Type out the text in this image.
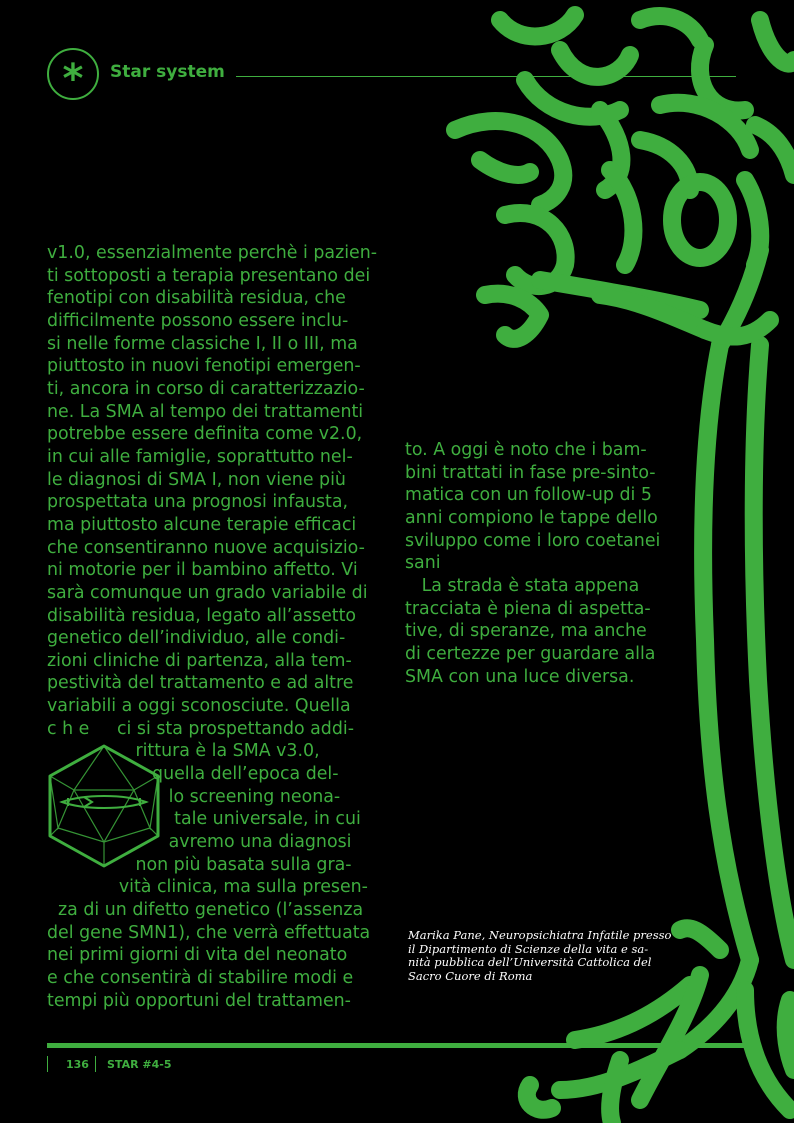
*	Star system

v1.0, essenzialmente perchè i pazien-

ti sottoposti a terapia presentano dei

fenotipi con disabilità residua, che

difficilmente possono essere inclu-

si nelle forme classiche I, II o III, ma

piuttosto in nuovi fenotipi emergen-

ti, ancora in corso di caratterizzazio-

ne. La SMA al tempo dei trattamenti

potrebbe essere definita come v2.0,

in cui alle famiglie, soprattutto nel-

le diagnosi di SMA I, non viene più

prospettata una prognosi infausta,

ma piuttosto alcune terapie efficaci

che consentiranno nuove acquisizio-

ni motorie per il bambino affetto. Vi

sarà comunque un grado variabile di

disabilità residua, legato all’assetto

genetico dell’individuo, alle condi-

zioni cliniche di partenza, alla tem-

pestività del trattamento e ad altre

variabili a oggi sconosciute. Quella

c h e     ci si sta prospettando addi-

rittura è la SMA v3.0,

quella dell’epoca del-

lo screening neona-

tale universale, in cui

avremo una diagnosi

non più basata sulla gra-

vità clinica, ma sulla presen-

za di un difetto genetico (l’assenza

del gene SMN1), che verrà effettuata

nei primi giorni di vita del neonato

e che consentirà di stabilire modi e

tempi più opportuni del trattamen-

to. A oggi è noto che i bam-

bini trattati in fase pre-sinto-

matica con un follow-up di 5

anni compiono le tappe dello

sviluppo come i loro coetanei

sani

La strada è stata appena

tracciata è piena di aspetta-

tive, di speranze, ma anche

di certezze per guardare alla

SMA con una luce diversa.

Marika Pane, Neuropsichiatra Infatile presso

il Dipartimento di Scienze della vita e sa-

nità pubblica dell’Università Cattolica del

Sacro Cuore di Roma

136 STAR #4-5
